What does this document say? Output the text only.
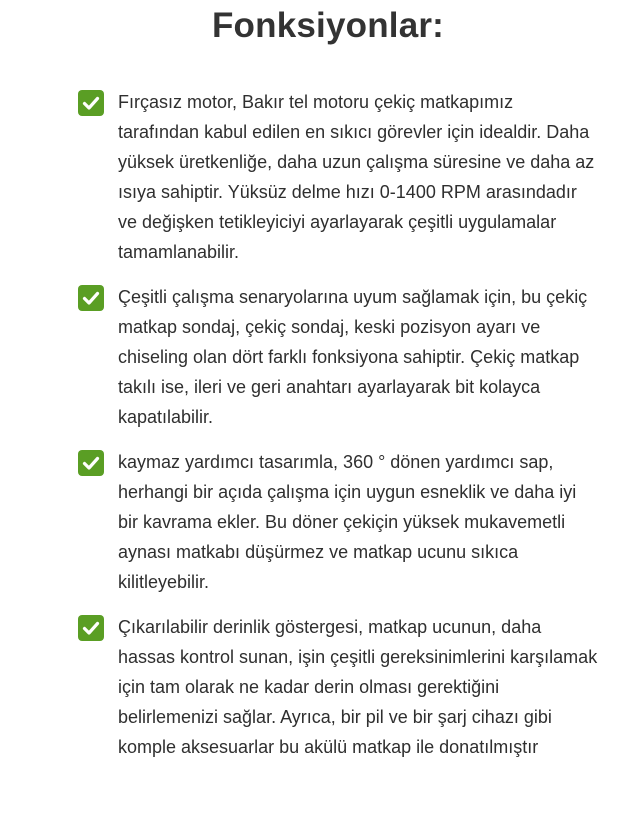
Fonksiyonlar:
Fırçasız motor, Bakır tel motoru çekiç matkapımız tarafından kabul edilen en sıkıcı görevler için idealdir. Daha yüksek üretkenliğe, daha uzun çalışma süresine ve daha az ısıya sahiptir. Yüksüz delme hızı 0-1400 RPM arasındadır ve değişken tetikleyiciyi ayarlayarak çeşitli uygulamalar tamamlanabilir.
Çeşitli çalışma senaryolarına uyum sağlamak için, bu çekiç matkap sondaj, çekiç sondaj, keski pozisyon ayarı ve chiseling olan dört farklı fonksiyona sahiptir. Çekiç matkap takılı ise, ileri ve geri anahtarı ayarlayarak bit kolayca kapatılabilir.
kaymaz yardımcı tasarımla, 360 ° dönen yardımcı sap, herhangi bir açıda çalışma için uygun esneklik ve daha iyi bir kavrama ekler. Bu döner çekiçin yüksek mukavemetli aynası matkabı düşürmez ve matkap ucunu sıkıca kilitleyebilir.
Çıkarılabilir derinlik göstergesi, matkap ucunun, daha hassas kontrol sunan, işin çeşitli gereksinimlerini karşılamak için tam olarak ne kadar derin olması gerektiğini belirlemenizi sağlar. Ayrıca, bir pil ve bir şarj cihazı gibi komple aksesuarlar bu akülü matkap ile donatılmıştır
